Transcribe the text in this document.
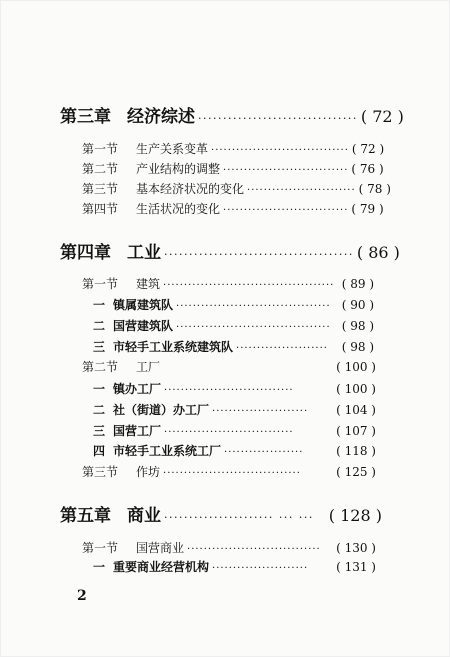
第三章 经济综述 ································ ( 72 )
第一节	生产关系变革 ································· ( 72 )
第二节	产业结构的调整 ······························ ( 76 )
第三节	基本经济状况的变化 ·························· ( 78 )
第四节	生活状况的变化 ······························ ( 79 )
第四章 工业 ······································ ( 86 )
第一节	建筑 ········································· ( 89 )
一 镇属建筑队 ····································· ( 90 )
二 国营建筑队 ····································· ( 98 )
三 市轻手工业系统建筑队 ······················	( 98 )
第二节	工厂	( 100 )
一 镇办工厂 ·······························	( 100 )
二 社（街道）办工厂 ·······················	( 104 )
三 国营工厂 ·······························	( 107 )
四 市轻手工业系统工厂 ···················	( 118 )
第三节	作坊 ·································	( 125 )
第五章 商业 ······················ ··· ··· ( 128 )
第一节	国营商业 ································	( 130 )
一 重要商业经营机构 ·······················	( 131 )
2
